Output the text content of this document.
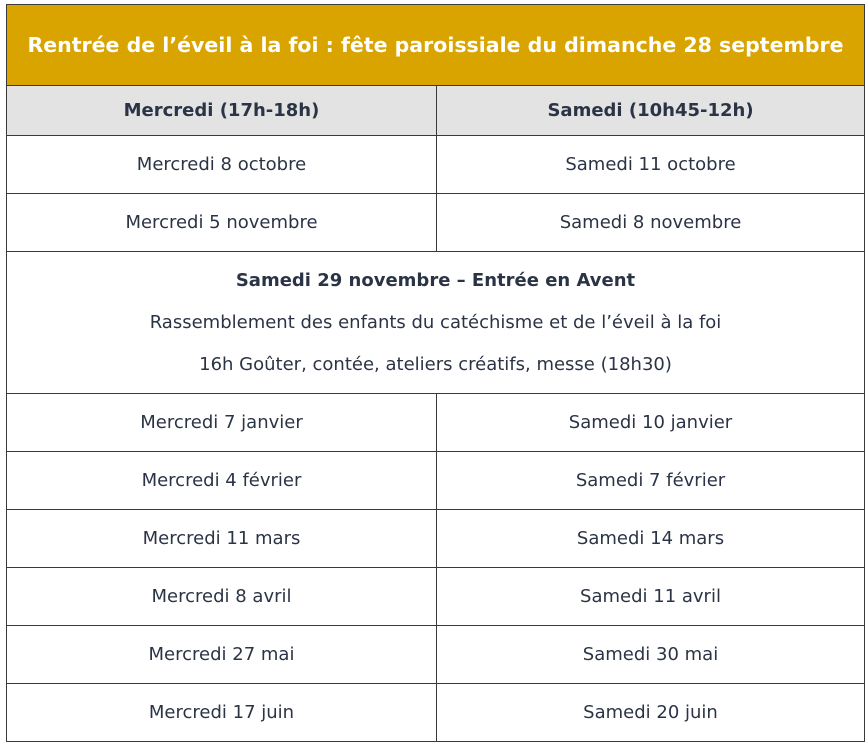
Rentrée de l’éveil à la foi : fête paroissiale du dimanche 28 septembre	
Mercredi (17h-18h)	Samedi (10h45-12h)
Mercredi 8 octobre	Samedi 11 octobre
Mercredi 5 novembre	Samedi 8 novembre

Samedi 29 novembre – Entrée en Avent
Rassemblement des enfants du catéchisme et de l’éveil à la foi
16h Goûter, contée, ateliers créatifs, messe (18h30)	

Mercredi 7 janvier	Samedi 10 janvier
Mercredi 4 février	Samedi 7 février
Mercredi 11 mars	Samedi 14 mars
Mercredi 8 avril	Samedi 11 avril
Mercredi 27 mai	Samedi 30 mai
Mercredi 17 juin	Samedi 20 juin
